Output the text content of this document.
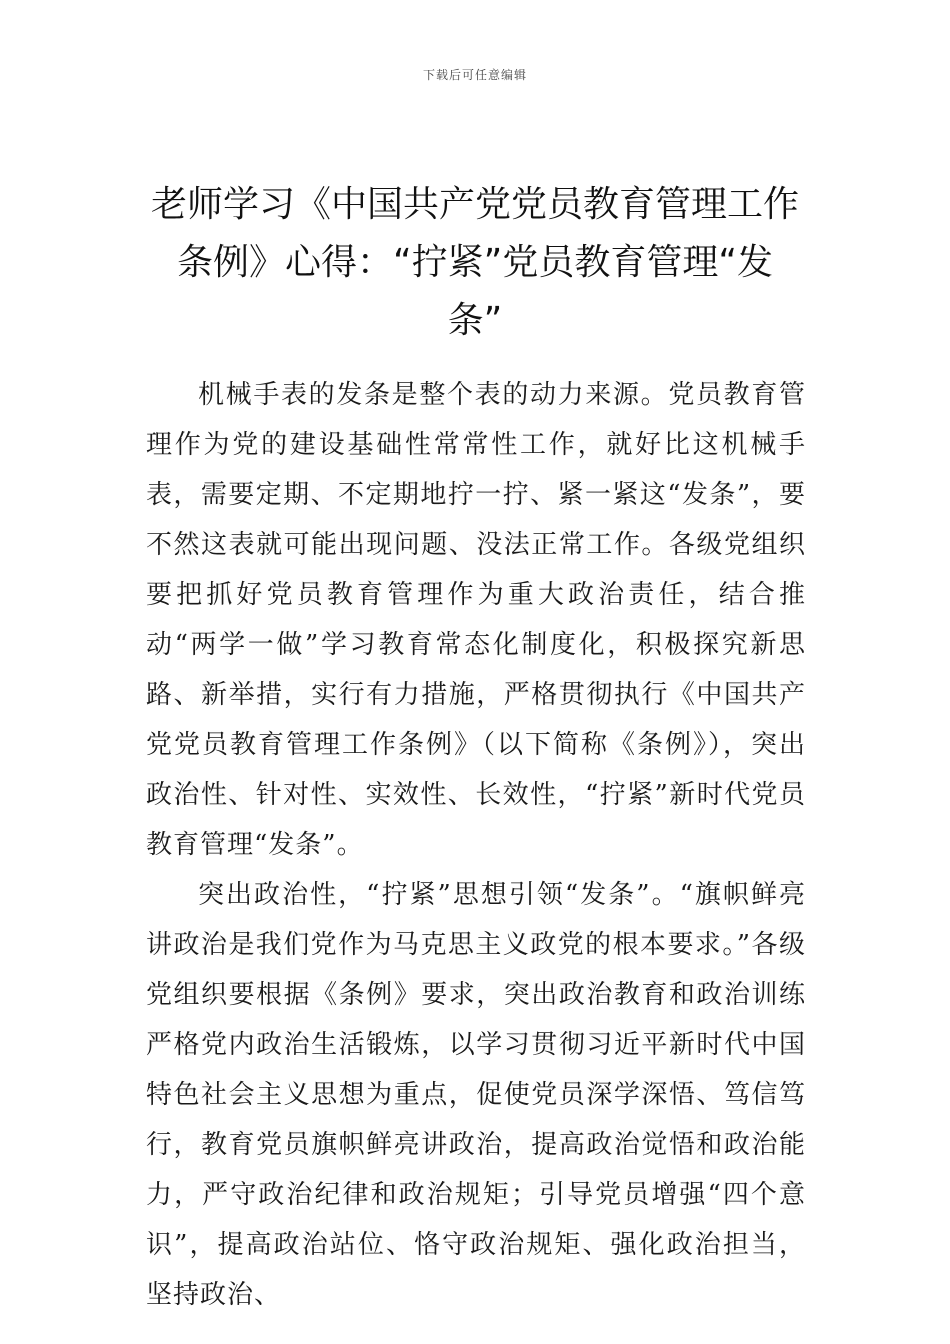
下载后可任意编辑
老师学习《中国共产党党员教育管理工作条例》心得：“拧紧”党员教育管理“发条”

机械手表的发条是整个表的动力来源。党员教育管理作为党的建设基础性常常性工作，就好比这机械手表，需要定期、不定期地拧一拧、紧一紧这“发条”，要不然这表就可能出现问题、没法正常工作。各级党组织要把抓好党员教育管理作为重大政治责任，结合推动“两学一做”学习教育常态化制度化，积极探究新思路、新举措，实行有力措施，严格贯彻执行《中国共产党党员教育管理工作条例》（以下简称《条例》），突出政治性、针对性、实效性、长效性，“拧紧”新时代党员教育管理“发条”。

突出政治性，“拧紧”思想引领“发条”。“旗帜鲜亮讲政治是我们党作为马克思主义政党的根本要求。”各级党组织要根据《条例》要求，突出政治教育和政治训练严格党内政治生活锻炼，以学习贯彻习近平新时代中国特色社会主义思想为重点，促使党员深学深悟、笃信笃行，教育党员旗帜鲜亮讲政治，提高政治觉悟和政治能力，严守政治纪律和政治规矩；引导党员增强“四个意识”，提高政治站位、恪守政治规矩、强化政治担当，坚持政治、
